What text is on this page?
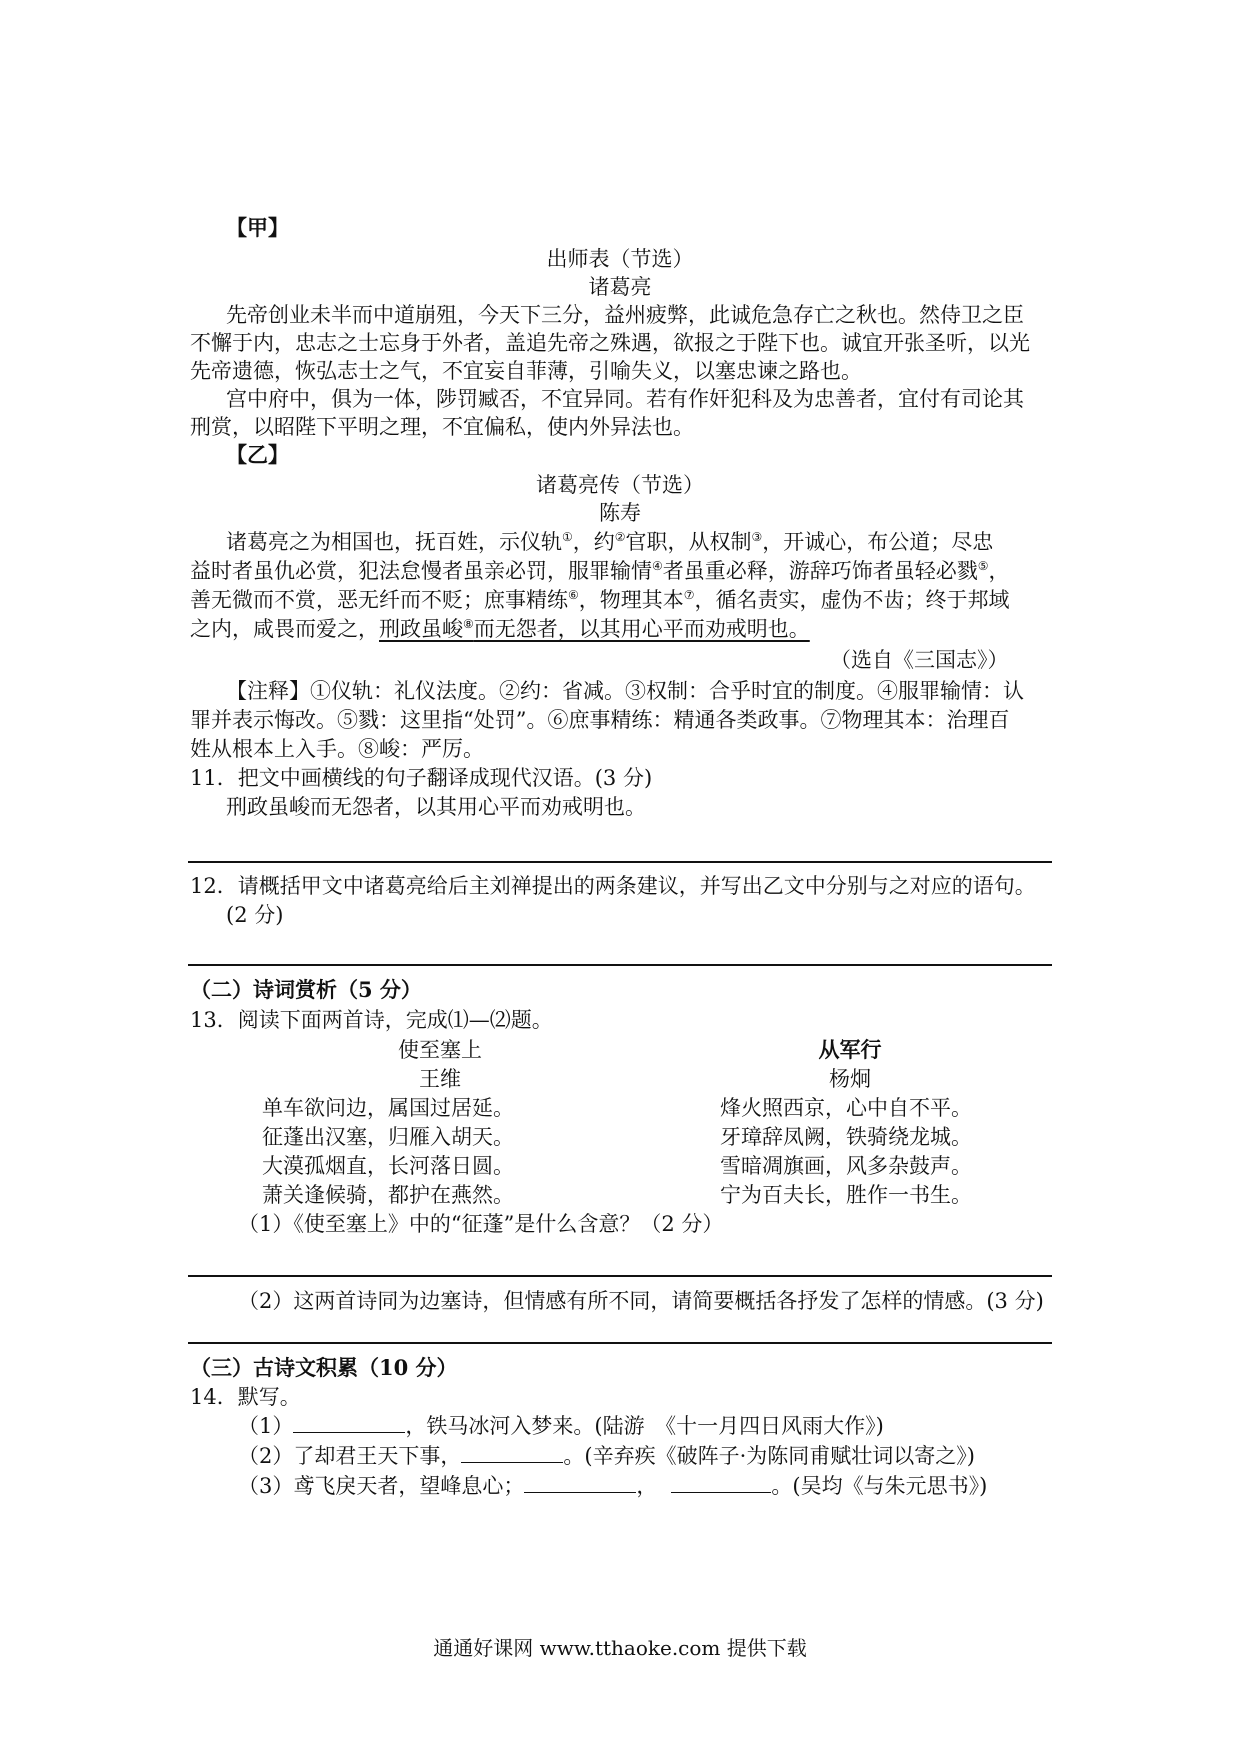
【甲】
出师表（节选）
诸葛亮
先帝创业未半而中道崩殂，今天下三分，益州疲弊，此诚危急存亡之秋也。然侍卫之臣
不懈于内，忠志之士忘身于外者，盖追先帝之殊遇，欲报之于陛下也。诚宜开张圣听，以光
先帝遗德，恢弘志士之气，不宜妄自菲薄，引喻失义，以塞忠谏之路也。
宫中府中，俱为一体，陟罚臧否，不宜异同。若有作奸犯科及为忠善者，宜付有司论其
刑赏，以昭陛下平明之理，不宜偏私，使内外异法也。
【乙】
诸葛亮传（节选）
陈寿
诸葛亮之为相国也，抚百姓，示仪轨①，约②官职，从权制③，开诚心，布公道；尽忠
益时者虽仇必赏，犯法怠慢者虽亲必罚，服罪输情④者虽重必释，游辞巧饰者虽轻必戮⑤，
善无微而不赏，恶无纤而不贬；庶事精练⑥，物理其本⑦，循名责实，虚伪不齿；终于邦域
之内，咸畏而爱之，刑政虽峻⑧而无怨者，以其用心平而劝戒明也。
（选自《三国志》）
【注释】①仪轨：礼仪法度。②约：省减。③权制：合乎时宜的制度。④服罪输情：认
罪并表示悔改。⑤戮：这里指“处罚”。⑥庶事精练：精通各类政事。⑦物理其本：治理百
姓从根本上入手。⑧峻：严厉。
11．把文中画横线的句子翻译成现代汉语。(3 分)
刑政虽峻而无怨者，以其用心平而劝戒明也。
12．请概括甲文中诸葛亮给后主刘禅提出的两条建议，并写出乙文中分别与之对应的语句。
(2 分)
（二）诗词赏析（5 分）
13．阅读下面两首诗，完成⑴—⑵题。
使至塞上
王维
单车欲问边，属国过居延。
征蓬出汉塞，归雁入胡天。
大漠孤烟直，长河落日圆。
萧关逢候骑，都护在燕然。
从军行
杨炯
烽火照西京，心中自不平。
牙璋辞凤阙，铁骑绕龙城。
雪暗凋旗画，风多杂鼓声。
宁为百夫长，胜作一书生。
（1）《使至塞上》中的“征蓬”是什么含意？（2 分）
（2）这两首诗同为边塞诗，但情感有所不同，请简要概括各抒发了怎样的情感。(3 分)
（三）古诗文积累（10 分）
14．默写。
（1）	，铁马冰河入梦来。(陆游　《十一月四日风雨大作》)
（2）了却君王天下事，	。(辛弃疾《破阵子·为陈同甫赋壮词以寄之》)
（3）鸢飞戾天者，望峰息心；	，	。(吴均《与朱元思书》)
通通好课网 www.tthaoke.com 提供下载
